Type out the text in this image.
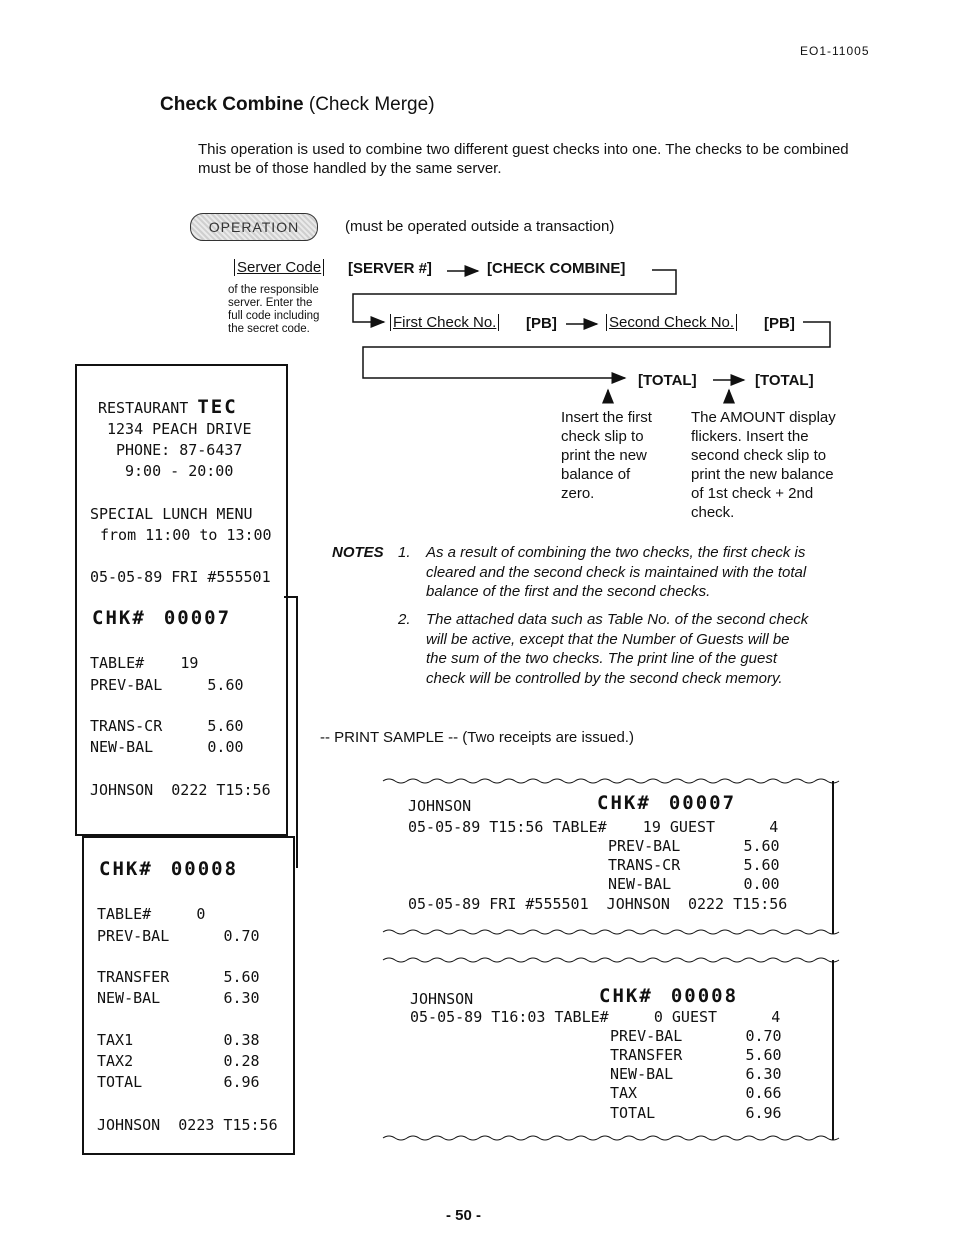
EO1-11005
Check Combine (Check Merge)
This operation is used to combine two different guest checks into one. The checks to be combined must be of those handled by the same server.
OPERATION	(must be operated outside a transaction)
Server Code [SERVER #]	[CHECK COMBINE]
of the responsible
server. Enter the
full code including
the secret code.	First Check No. [PB]	Second Check No. [PB]
[TOTAL]	[TOTAL]
Insert the first
check slip to
print the new
balance of
zero.
The AMOUNT display
flickers. Insert the
second check slip to
print the new balance
of 1st check + 2nd
check.
NOTES 1. As a result of combining the two checks, the first check is
cleared and the second check is maintained with the total
balance of the first and the second checks.
2. The attached data such as Table No. of the second check
will be active, except that the Number of Guests will be
the sum of the two checks. The print line of the guest
check will be controlled by the second check memory.
-- PRINT SAMPLE -- (Two receipts are issued.)
RESTAURANT TEC
1234 PEACH DRIVE
PHONE: 87-6437
9:00 - 20:00
SPECIAL LUNCH MENU
from 11:00 to 13:00
05-05-89 FRI #555501
CHK# 00007
TABLE# 19
PREV-BAL	5.60
TRANS-CR	5.60
NEW-BAL	0.00
JOHNSON  0222 T15:56
CHK# 00008
TABLE#	0
PREV-BAL	0.70
TRANSFER	5.60
NEW-BAL	6.30
TAX1	0.38
TAX2	0.28
TOTAL	6.96
JOHNSON  0223 T15:56
JOHNSON	CHK# 00007
05-05-89 T15:56 TABLE#    19 GUEST      4
PREV-BAL	5.60
TRANS-CR	5.60
NEW-BAL	0.00
05-05-89 FRI #555501  JOHNSON  0222 T15:56
JOHNSON	CHK# 00008
05-05-89 T16:03 TABLE#     0 GUEST      4
PREV-BAL	0.70
TRANSFER	5.60
NEW-BAL	6.30
TAX	0.66
TOTAL	6.96
- 50 -
